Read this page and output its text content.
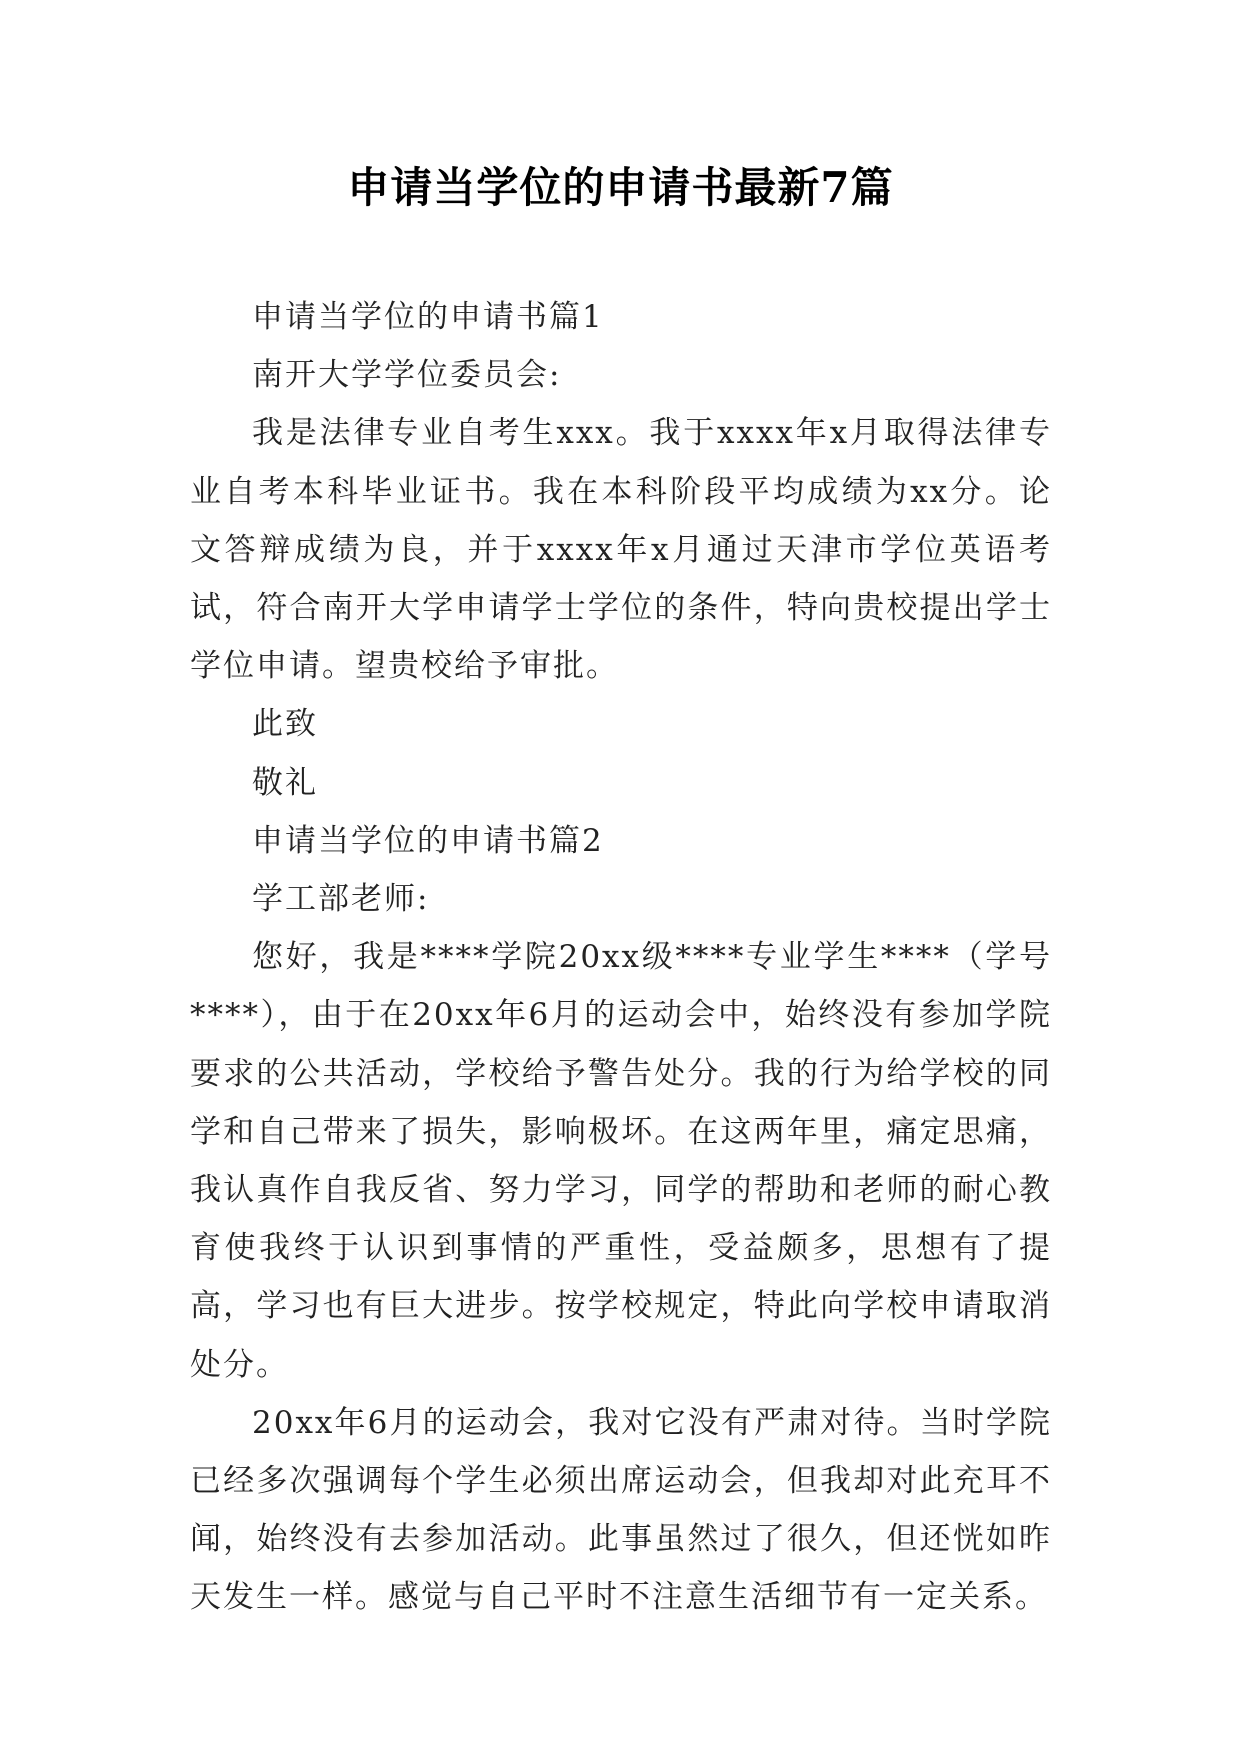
申请当学位的申请书最新7篇

申请当学位的申请书篇1

南开大学学位委员会:

我是法律专业自考生xxx。我于xxxx年x月取得法律专业自考本科毕业证书。我在本科阶段平均成绩为xx分。论文答辩成绩为良，并于xxxx年x月通过天津市学位英语考试，符合南开大学申请学士学位的条件，特向贵校提出学士学位申请。望贵校给予审批。

此致

敬礼

申请当学位的申请书篇2

学工部老师:

您好，我是****学院20xx级****专业学生****（学号****），由于在20xx年6月的运动会中，始终没有参加学院要求的公共活动，学校给予警告处分。我的行为给学校的同学和自己带来了损失，影响极坏。在这两年里，痛定思痛，我认真作自我反省、努力学习，同学的帮助和老师的耐心教育使我终于认识到事情的严重性，受益颇多，思想有了提高，学习也有巨大进步。按学校规定，特此向学校申请取消处分。

20xx年6月的运动会，我对它没有严肃对待。当时学院已经多次强调每个学生必须出席运动会，但我却对此充耳不闻，始终没有去参加活动。此事虽然过了很久，但还恍如昨天发生一样。感觉与自己平时不注意生活细节有一定关系。
